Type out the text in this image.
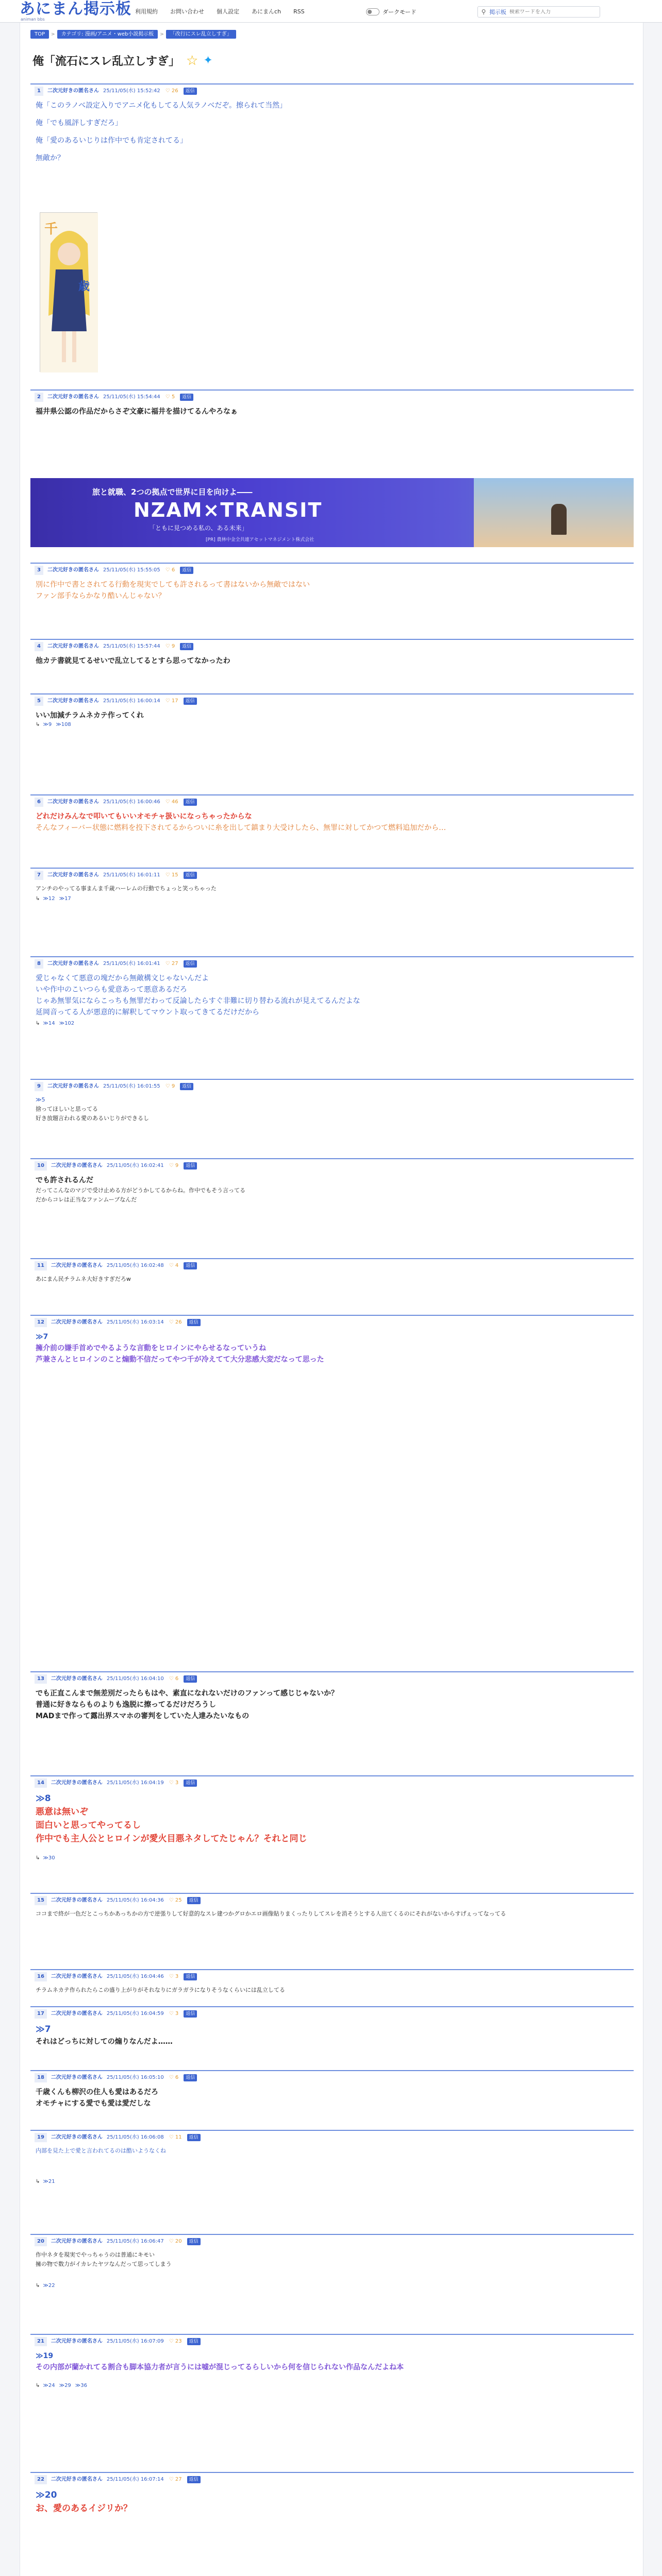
あにまん掲示板
animan bbs
利用規約 お問い合わせ 個人設定 あにまんch RSS	ダークモード	⚲ 掲示板
検索ワードを入力
TOP	>	カテゴリ: 漫画/アニメ・web小説掲示板	>	「改行にスレ乱立しすぎ」
俺「流石にスレ乱立しすぎ」 ☆ ✦
千
歳
旅と就職、2つの拠点で世界に目を向けよ――
NZAM×TRANSIT
「ともに見つめる私の、ある未来」
[PR] 農林中金全共連アセットマネジメント株式会社
1	二次元好きの匿名さん 25/11/05(水) 15:52:42 ♡ 26	返信
俺「このラノベ設定入りでアニメ化もしてる人気ラノベだぞ。擦られて当然」
俺「でも風評しすぎだろ」
俺「愛のあるいじりは作中でも肯定されてる」
無敵か？
2	二次元好きの匿名さん 25/11/05(水) 15:54:44 ♡ 5	返信
福井県公認の作品だからさぞ文豪に福井を描けてるんやろなぁ
3	二次元好きの匿名さん 25/11/05(水) 15:55:05 ♡ 6	返信
別に作中で書とされてる行動を現実でしても許されるって書はないから無敵ではない
ファン部手ならかなり酷いんじゃない？
4	二次元好きの匿名さん 25/11/05(水) 15:57:44 ♡ 9	返信
他カテ書就見てるせいで乱立してるとすら思ってなかったわ
5	二次元好きの匿名さん 25/11/05(水) 16:00:14 ♡ 17	返信
いい加減チラムネカテ作ってくれ
↳ ≫9 ≫108
6	二次元好きの匿名さん 25/11/05(水) 16:00:46 ♡ 46	返信
どれだけみんなで叩いてもいいオモチャ扱いになっちゃったからな
そんなフィーバー状態に燃料を投下されてるからついに糸を出して鎮まり大受けしたら、無罪に対してかつて燃料追加だから…
7	二次元好きの匿名さん 25/11/05(水) 16:01:11 ♡ 15	返信
アンチのやってる事まんま千歳ハーレムの行動でちょっと笑っちゃった
↳ ≫12 ≫17
8	二次元好きの匿名さん 25/11/05(水) 16:01:41 ♡ 27	返信
愛じゃなくて悪意の塊だから無敵構文じゃないんだよ
いや作中のこいつらも愛意あって悪意あるだろ
じゃあ無罪気にならこっちも無罪だわって反論したらすぐ非難に切り替わる流れが見えてるんだよな
延岡音ってる人が悪意的に解釈してマウント取ってきてるだけだから
↳ ≫14 ≫102
9	二次元好きの匿名さん 25/11/05(水) 16:01:55 ♡ 9	返信
≫5
捨ってほしいと思ってる
好き放題言われる愛のあるいじりができるし
10	二次元好きの匿名さん 25/11/05(水) 16:02:41 ♡ 9	返信
でも許されるんだ
だってこんなのマジで受け止める方がどうかしてるからね。作中でもそう言ってる
だからコレは正当なファンムーブなんだ
11	二次元好きの匿名さん 25/11/05(水) 16:02:48 ♡ 4	返信
あにまん民チラムネ大好きすぎだろw
12	二次元好きの匿名さん 25/11/05(水) 16:03:14 ♡ 26	返信
≫7
擁介前の嫌手首めでやるような言動をヒロインにやらせるなっていうね
芦兼さんとヒロインのこと煽動不信だってやつ千が冷えてて大分悲感大変だなって思った
13	二次元好きの匿名さん 25/11/05(水) 16:04:10 ♡ 6	返信
でも正直こんまで無差別だったらもはや、素直になれないだけのファンって感じじゃないか？
普通に好きならものよりも逸脱に擦ってるだけだろうし
MADまで作って露出界スマホの審判をしていた人達みたいなもの
14	二次元好きの匿名さん 25/11/05(水) 16:04:19 ♡ 3	返信
≫8
悪意は無いぞ
面白いと思ってやってるし
作中でも主人公とヒロインが愛火目悪ネタしてたじゃん？それと同じ
↳ ≫30
15	二次元好きの匿名さん 25/11/05(水) 16:04:36 ♡ 25	返信
ココまで終が一色だとこっちかあっちかの方で逆張りして好意的なスレ建つかグロかエロ画像貼りまくったりしてスレを消そうとする人出てくるのにそれがないからすげぇってなってる
16	二次元好きの匿名さん 25/11/05(水) 16:04:46 ♡ 3	返信
チラムネカテ作られたらこの盛り上がりがそれなりにガラガラになりそうなくらいには乱立してる
17	二次元好きの匿名さん 25/11/05(水) 16:04:59 ♡ 3	返信
≫7
それはどっちに対しての煽りなんだよ……
18	二次元好きの匿名さん 25/11/05(水) 16:05:10 ♡ 6	返信
千歳くんも柳沢の住人も愛はあるだろ
オモチャにする愛でも愛は愛だしな
19	二次元好きの匿名さん 25/11/05(水) 16:06:08 ♡ 11	返信
内部を見た上で愛と言われてるのは酷いようなくね
↳ ≫21
20	二次元好きの匿名さん 25/11/05(水) 16:06:47 ♡ 20	返信
作中ネタを現実でやっちゃうのは普通にキモい
擁の物で数力がイカレたヤツなんだって思ってしまう
↳ ≫22
21	二次元好きの匿名さん 25/11/05(水) 16:07:09 ♡ 23	返信
≫19
その内部が蘭かれてる割合も脚本協力者が言うには嘘が混じってるらしいから何を信じられない作品なんだよね本
↳ ≫24 ≫29 ≫36
22	二次元好きの匿名さん 25/11/05(水) 16:07:14 ♡ 27	返信
≫20
お、愛のあるイジリか？
